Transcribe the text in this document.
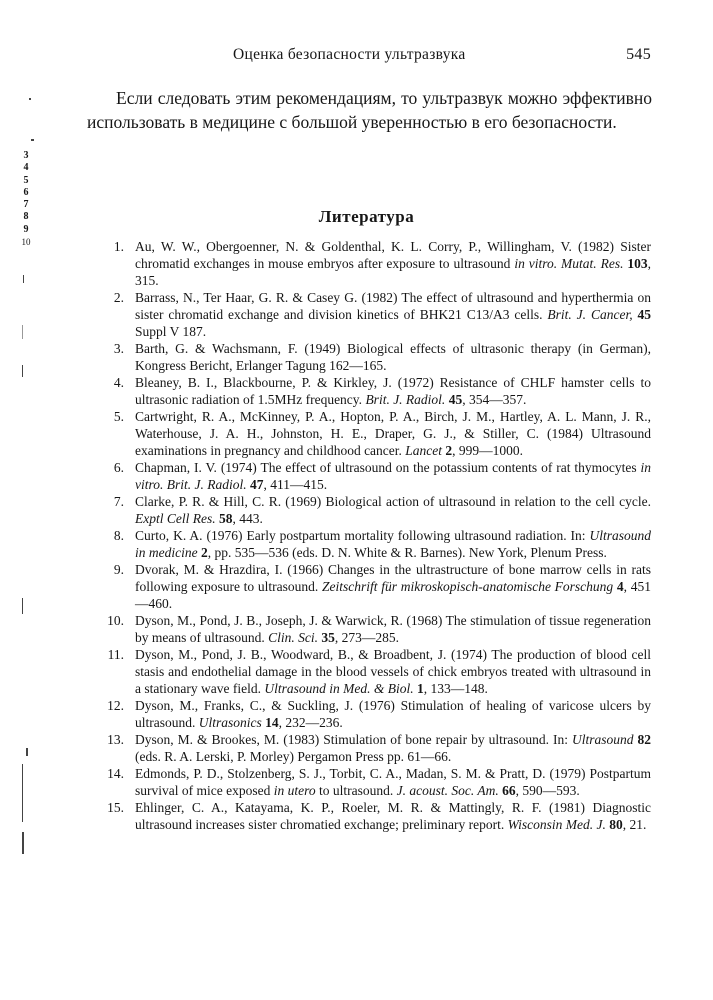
Оценка безопасности ультразвука	545

Если следовать этим рекомендациям, то ультразвук можно эффективно использовать в медицине с большой уверенностью в его безопасности.

3
4
5
6
7
8
9
10
Литература
1. Au, W. W., Obergoenner, N. & Goldenthal, K. L. Corry, P., Willingham, V. (1982) Sister chromatid exchanges in mouse embryos after exposure to ultrasound in vitro. Mutat. Res. 103, 315.
2. Barrass, N., Ter Haar, G. R. & Casey G. (1982) The effect of ultrasound and hyperthermia on sister chromatid exchange and division kinetics of BHK21 C13/A3 cells. Brit. J. Cancer, 45 Suppl V 187.
3. Barth, G. & Wachsmann, F. (1949) Biological effects of ultrasonic therapy (in German), Kongress Bericht, Erlanger Tagung 162—165.
4. Bleaney, B. I., Blackbourne, P. & Kirkley, J. (1972) Resistance of CHLF hamster cells to ultrasonic radiation of 1.5MHz frequency. Brit. J. Radiol. 45, 354—357.
5. Cartwright, R. A., McKinney, P. A., Hopton, P. A., Birch, J. M., Hartley, A. L. Mann, J. R., Waterhouse, J. A. H., Johnston, H. E., Draper, G. J., & Stiller, C. (1984) Ultrasound examinations in pregnancy and childhood cancer. Lancet 2, 999—1000.
6. Chapman, I. V. (1974) The effect of ultrasound on the potassium contents of rat thymocytes in vitro. Brit. J. Radiol. 47, 411—415.
7. Clarke, P. R. & Hill, C. R. (1969) Biological action of ultrasound in relation to the cell cycle. Exptl Cell Res. 58, 443.
8. Curto, K. A. (1976) Early postpartum mortality following ultrasound radiation. In: Ultrasound in medicine 2, pp. 535—536 (eds. D. N. White & R. Barnes). New York, Plenum Press.
9. Dvorak, M. & Hrazdira, I. (1966) Changes in the ultrastructure of bone marrow cells in rats following exposure to ultrasound. Zeitschrift für mikroskopisch-anatomische Forschung 4, 451—460.
10. Dyson, M., Pond, J. B., Joseph, J. & Warwick, R. (1968) The stimulation of tissue regeneration by means of ultrasound. Clin. Sci. 35, 273—285.
11. Dyson, M., Pond, J. B., Woodward, B., & Broadbent, J. (1974) The production of blood cell stasis and endothelial damage in the blood vessels of chick embryos treated with ultrasound in a stationary wave field. Ultrasound in Med. & Biol. 1, 133—148.
12. Dyson, M., Franks, C., & Suckling, J. (1976) Stimulation of healing of varicose ulcers by ultrasound. Ultrasonics 14, 232—236.
13. Dyson, M. & Brookes, M. (1983) Stimulation of bone repair by ultrasound. In: Ultrasound 82 (eds. R. A. Lerski, P. Morley) Pergamon Press pp. 61—66.
14. Edmonds, P. D., Stolzenberg, S. J., Torbit, C. A., Madan, S. M. & Pratt, D. (1979) Postpartum survival of mice exposed in utero to ultrasound. J. acoust. Soc. Am. 66, 590—593.
15. Ehlinger, C. A., Katayama, K. P., Roeler, M. R. & Mattingly, R. F. (1981) Diagnostic ultrasound increases sister chromatied exchange; preliminary report. Wisconsin Med. J. 80, 21.
